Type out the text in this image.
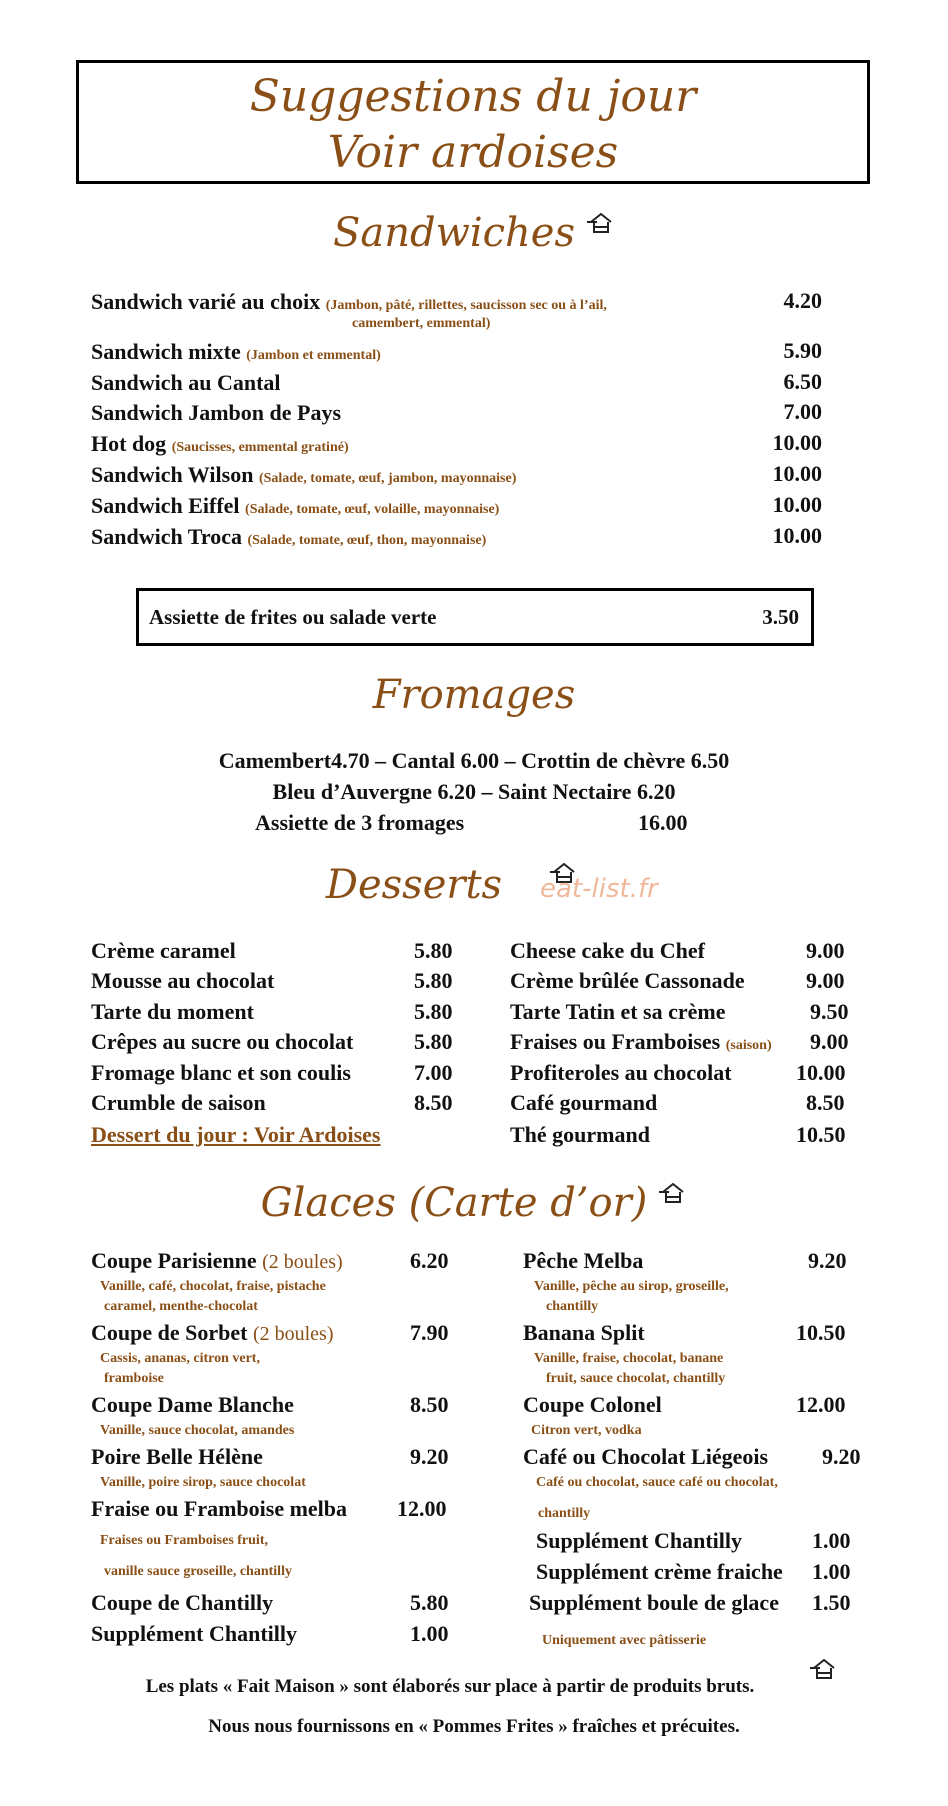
Suggestions du jour
Voir ardoises
Sandwiches
Sandwich varié au choix (Jambon, pâté, rillettes, saucisson sec ou à l’ail,
camembert, emmental)
4.20
Sandwich mixte (Jambon et emmental)	5.90
Sandwich au Cantal	6.50
Sandwich Jambon de Pays	7.00
Hot dog (Saucisses, emmental gratiné)	10.00
Sandwich Wilson (Salade, tomate, œuf, jambon, mayonnaise)	10.00
Sandwich Eiffel (Salade, tomate, œuf, volaille, mayonnaise)	10.00
Sandwich Troca (Salade, tomate, œuf, thon, mayonnaise)	10.00
Assiette de frites ou salade verte	3.50
Fromages
Camembert4.70 – Cantal 6.00 – Crottin de chèvre 6.50
Bleu d’Auvergne 6.20 – Saint Nectaire 6.20
Assiette de 3 fromages	16.00
Desserts	eat-list.fr
Crème caramel	5.80
Mousse au chocolat	5.80
Tarte du moment	5.80
Crêpes au sucre ou chocolat	5.80
Fromage blanc et son coulis	7.00
Crumble de saison	8.50
Dessert du jour : Voir Ardoises
Cheese cake du Chef	9.00
Crème brûlée Cassonade	9.00
Tarte Tatin et sa crème	9.50
Fraises ou Framboises (saison) 9.00
Profiteroles au chocolat	10.00
Café gourmand	8.50
Thé gourmand	10.50
Glaces (Carte d’or)
Coupe Parisienne (2 boules)	6.20
Vanille, café, chocolat, fraise, pistache
caramel, menthe-chocolat
Coupe de Sorbet (2 boules)	7.90
Cassis, ananas, citron vert,
framboise
Coupe Dame Blanche	8.50
Vanille, sauce chocolat, amandes
Poire Belle Hélène	9.20
Vanille, poire sirop, sauce chocolat
Fraise ou Framboise melba 12.00
Fraises ou Framboises fruit,
vanille sauce groseille, chantilly
Coupe de Chantilly	5.80
Supplément Chantilly	1.00
Pêche Melba	9.20
Vanille, pêche au sirop, groseille,
chantilly
Banana Split	10.50
Vanille, fraise, chocolat, banane
fruit, sauce chocolat, chantilly
Coupe Colonel	12.00
Citron vert, vodka
Café ou Chocolat Liégeois 9.20
Café ou chocolat, sauce café ou chocolat,
chantilly
Supplément Chantilly	1.00
Supplément crème fraiche 1.00
Supplément boule de glace 1.50
Uniquement avec pâtisserie
Les plats « Fait Maison » sont élaborés sur place à partir de produits bruts.
Nous nous fournissons en « Pommes Frites » fraîches et précuites.
